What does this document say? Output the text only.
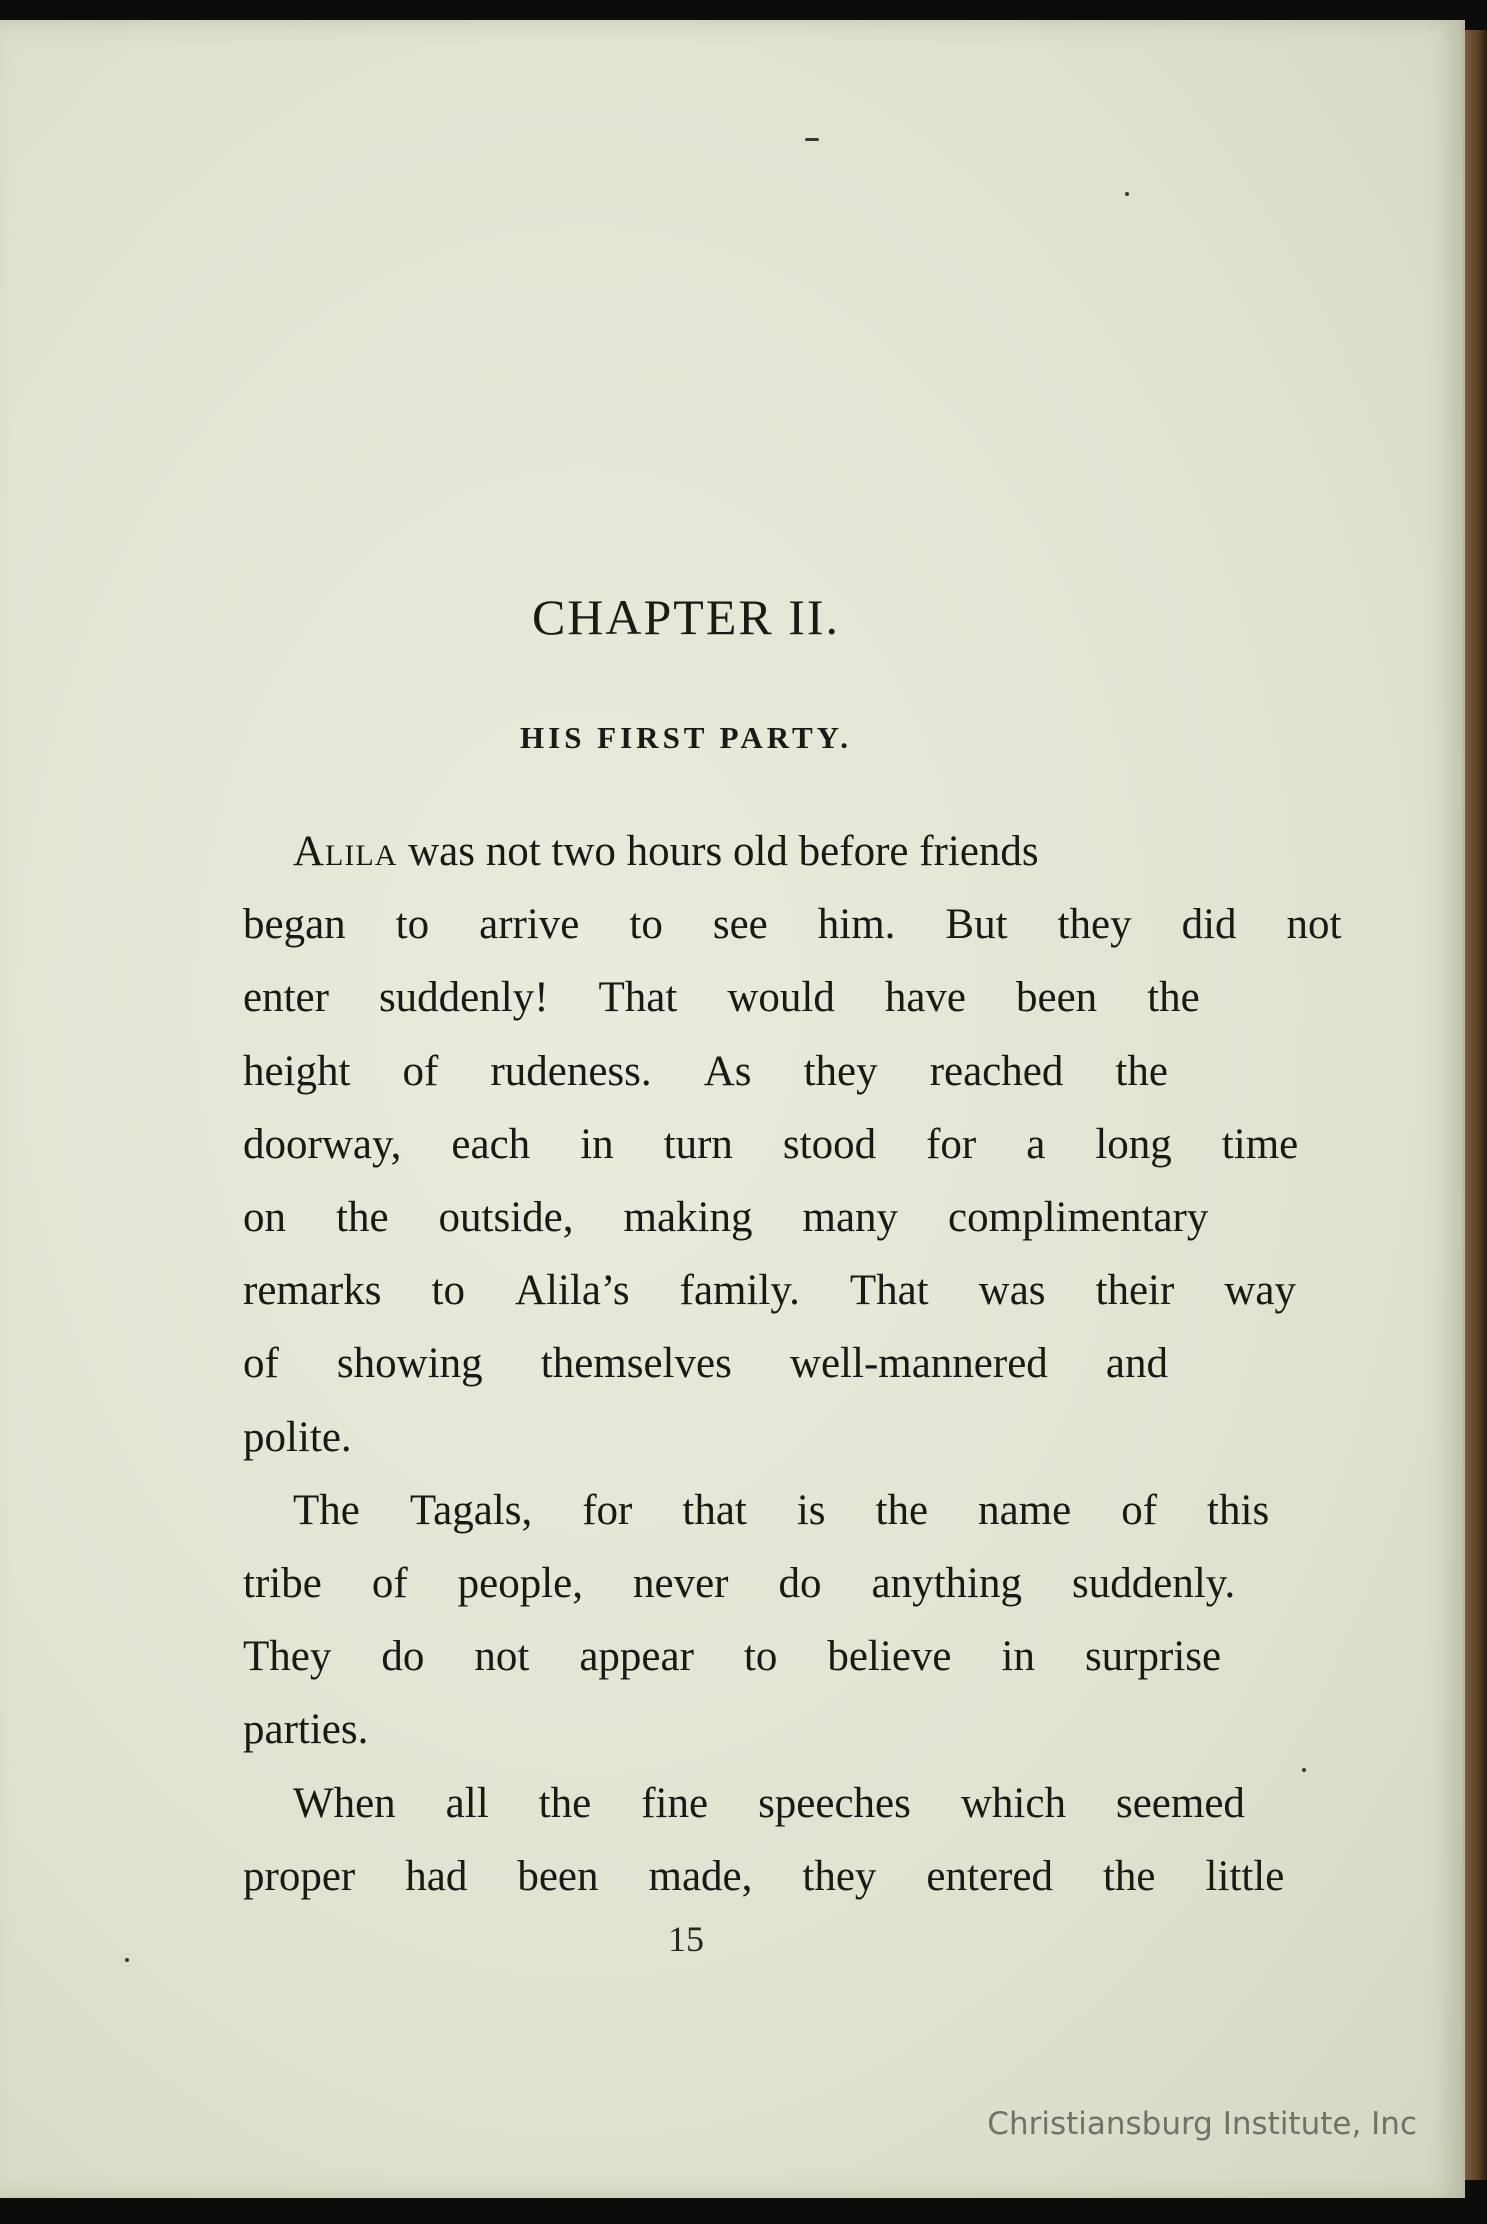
CHAPTER II.
HIS FIRST PARTY.
Alila was not two hours old before friends
began	to	arrive	to	see	him.	But	they	did	not
enter	suddenly!	That	would	have	been	the
height	of	rudeness.	As	they	reached	the
doorway,	each	in	turn	stood	for	a	long	time
on	the	outside,	making	many	complimentary
remarks	to	Alila’s	family.	That	was	their	way
of	showing	themselves	well-mannered	and
polite.
The	Tagals,	for	that	is	the	name	of	this
tribe	of	people,	never	do	anything	suddenly.
They	do	not	appear	to	believe	in	surprise
parties.
When	all	the	fine	speeches	which	seemed
proper	had	been	made,	they	entered	the	little
15
Christiansburg Institute, Inc
